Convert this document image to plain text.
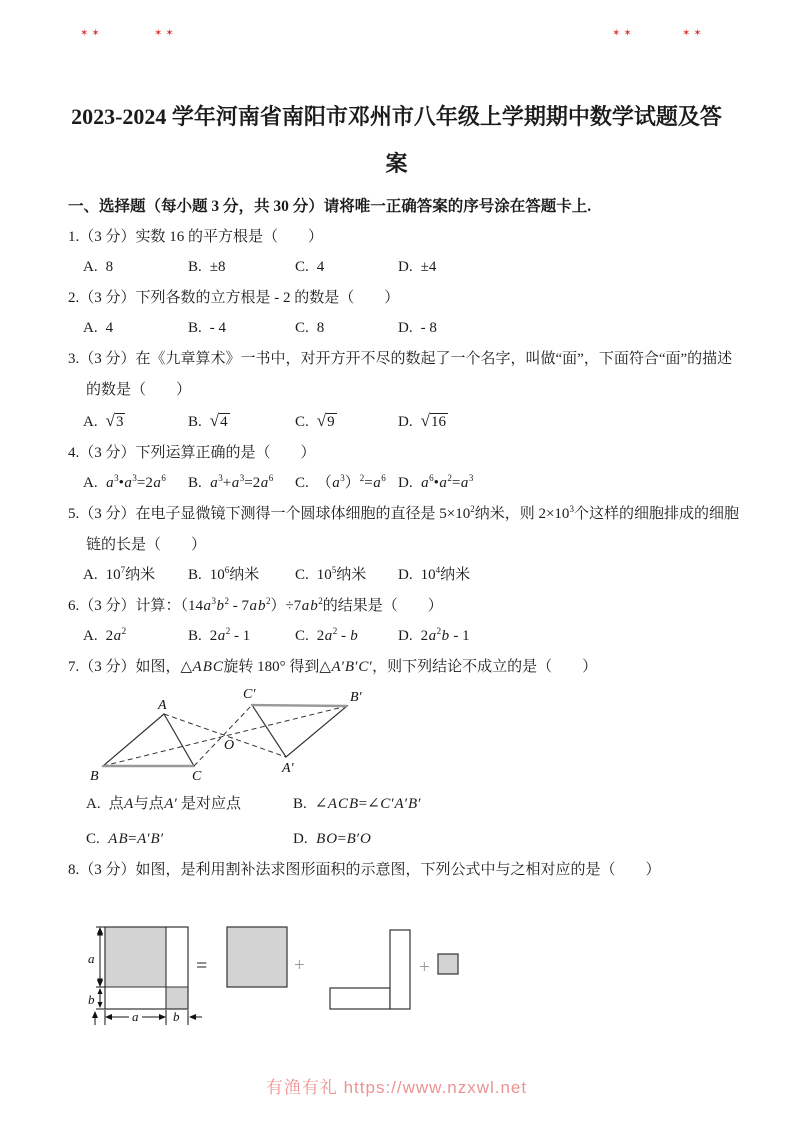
✶✶	✶✶	✶✶	✶✶
2023-2024 学年河南省南阳市邓州市八年级上学期期中数学试题及答
案
一、选择题（每小题 3 分，共 30 分）请将唯一正确答案的序号涂在答题卡上.
1.（3 分）实数 16 的平方根是（　　）
A. 8	B. ±8	C. 4	D. ±4
2.（3 分）下列各数的立方根是 - 2 的数是（　　）
A. 4	B. - 4	C. 8	D. - 8
3.（3 分）在《九章算术》一书中，对开方开不尽的数起了一个名字，叫做“面”，下面符合“面”的描述
的数是（　　）
A. √3	B. √4	C. √9	D. √16
4.（3 分）下列运算正确的是（　　）
A. $a^3•a^3=2a^6$	B. $a^3+a^3=2a^6$	C. $(a^3)^2=a^6$ D. $a^6•a^2=a^3$
5.（3 分）在电子显微镜下测得一个圆球体细胞的直径是 $5\times 10^2$纳米，则 $2\times 10^3$个这样的细胞排成的细胞
链的长是（　　）
A. $10^7$纳米	B. $10^6$纳米	C. $10^5$纳米	D. $10^4$纳米
6.（3 分）计算：$(14a^3b^2 - 7ab^2)\div 7ab^2$的结果是（　　）
A. $2a^2$	B. $2a^2 - 1$	C. $2a^2$ - b	D. $2a^2b - 1$
7.（3 分）如图，△ABC旋转 180° 得到△A′B′C′，则下列结论不成立的是（　　）
A
B	C
O
C′	B′
A′
A. 点A与点A′ 是对应点	B. ∠ACB=∠C′A′B′
C. AB=A′B′	D. BO=B′O
8.（3 分）如图，是利用割补法求图形面积的示意图，下列公式中与之相对应的是（　　）
a
b
a	b
=	+	+
有渔有礼 https://www.nzxwl.net
